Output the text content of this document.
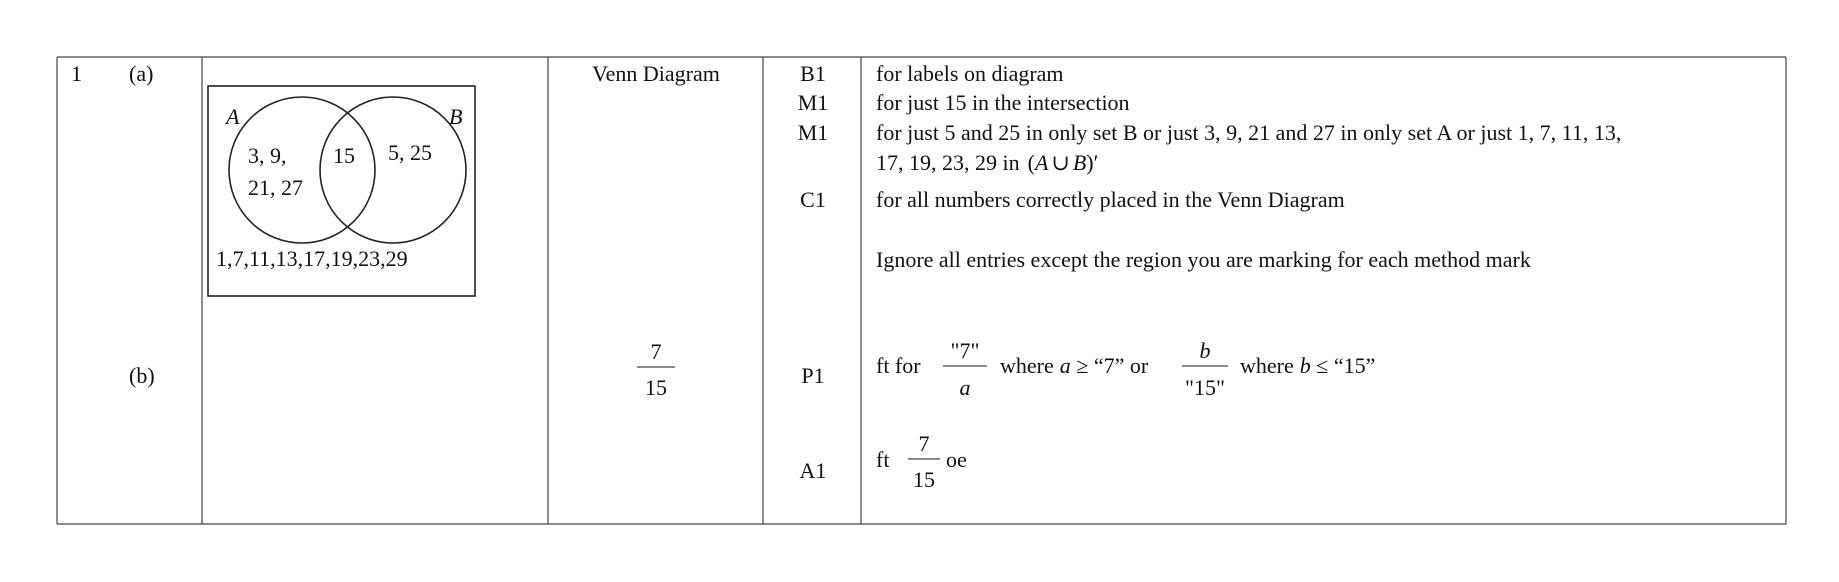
1 (a)
(b)
A	B
3, 9,
21, 27
15 5, 25
1,7,11,13,17,19,23,29
Venn Diagram
7
15
B1
M1
M1
C1
P1
A1
for labels on diagram
for just 15 in the intersection
for just 5 and 25 in only set B or just 3, 9, 21 and 27 in only set A or just 1, 7, 11, 13,
17, 19, 23, 29 in (A ∪ B)′
for all numbers correctly placed in the Venn Diagram
Ignore all entries except the region you are marking for each method mark
ft for
"7"
a
where a ≥ “7” or
b
"15"
where b ≤ “15”
ft
7
15
oe
